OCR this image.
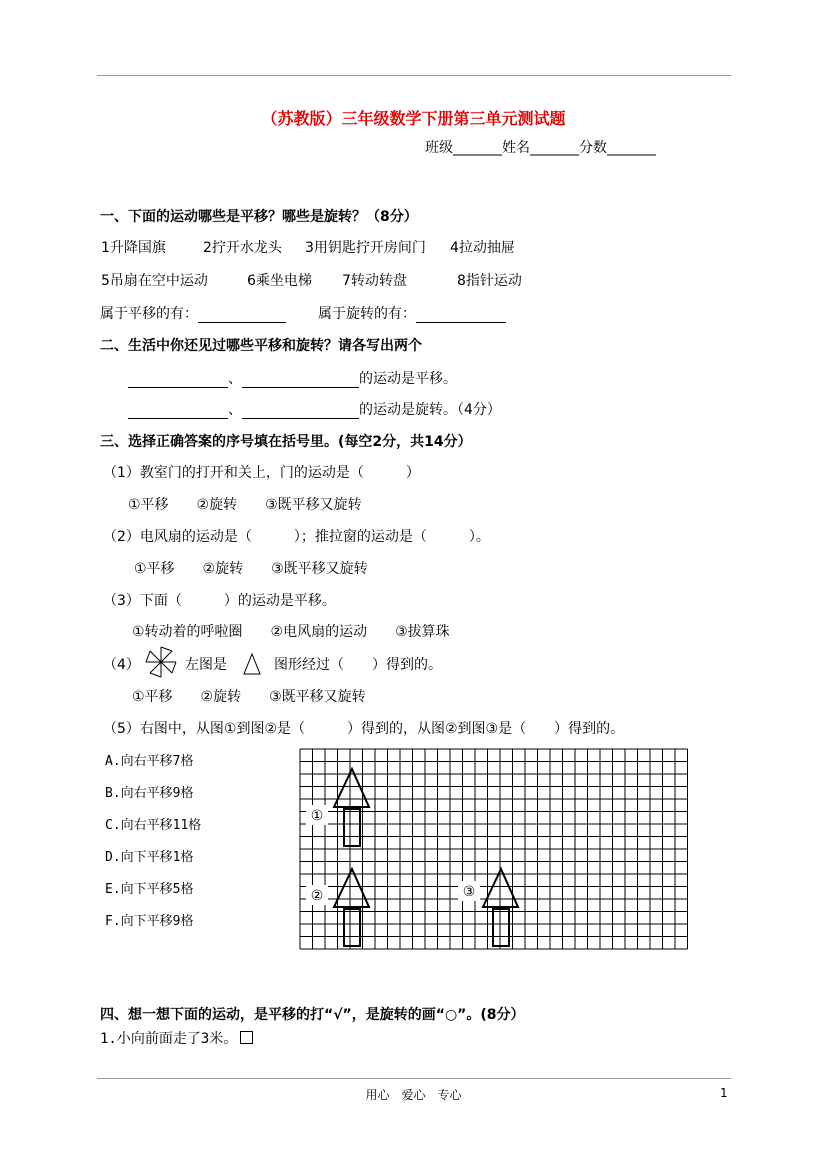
（苏教版）三年级数学下册第三单元测试题
班级_______姓名_______分数_______
一、下面的运动哪些是平移？哪些是旋转？（8分）
1升降国旗	2拧开水龙头 3用钥匙拧开房间门 4拉动抽屉
5吊扇在空中运动	6乘坐电梯 7转动转盘	8指针运动
属于平移的有：	属于旋转的有：
二、生活中你还见过哪些平移和旋转？请各写出两个
、	的运动是平移。
、	的运动是旋转。（4分）
三、选择正确答案的序号填在括号里。(每空2分，共14分）
（1）教室门的打开和关上，门的运动是（　　　）
①平移　　②旋转　　③既平移又旋转
（2）电风扇的运动是（　　　）；推拉窗的运动是（　　　）。
①平移　　②旋转　　③既平移又旋转
（3）下面（　　　）的运动是平移。
①转动着的呼啦圈　　②电风扇的运动　　③拔算珠
（4）	左图是	图形经过（　　）得到的。
①平移　　②旋转　　③既平移又旋转
（5）右图中，从图①到图②是（　　　）得到的，从图②到图③是（　　）得到的。
A.向右平移7格
B.向右平移9格
C.向右平移11格
D.向下平移1格
E.向下平移5格
F.向下平移9格
①
②	③
四、想一想下面的运动，是平移的打“√”，是旋转的画“○”。(8分）
1.小向前面走了3米。
用心　爱心　专心	1
